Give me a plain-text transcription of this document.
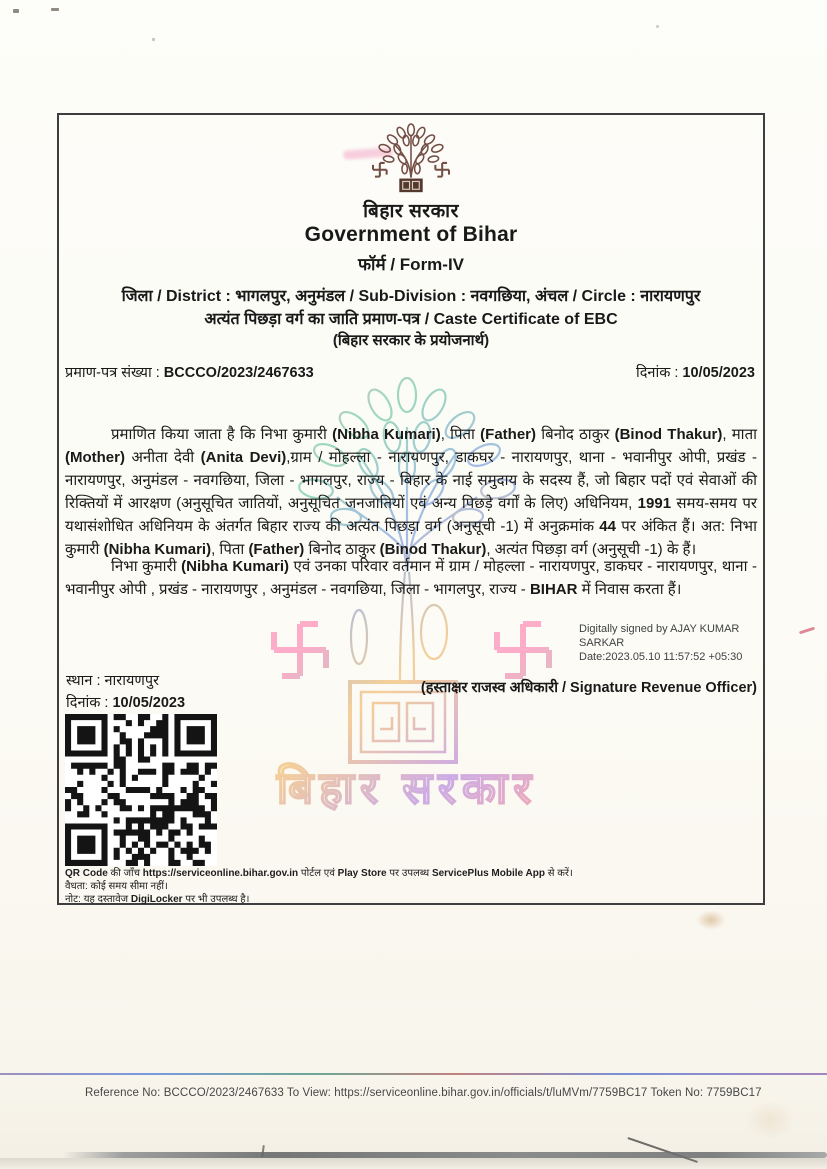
बिहार सरकार
बिहार सरकार
Government of Bihar
फॉर्म / Form-IV
जिला / District : भागलपुर, अनुमंडल / Sub-Division : नवगछिया, अंचल / Circle : नारायणपुर
अत्यंत पिछड़ा वर्ग का जाति प्रमाण-पत्र / Caste Certificate of EBC
(बिहार सरकार के प्रयोजनार्थ)
प्रमाण-पत्र संख्या : BCCCO/2023/2467633	दिनांक : 10/05/2023
प्रमाणित किया जाता है कि निभा कुमारी (Nibha Kumari), पिता (Father) बिनोद ठाकुर (Binod Thakur), माता (Mother) अनीता देवी (Anita Devi),ग्राम / मोहल्ला - नारायणपुर, डाकघर - नारायणपुर, थाना - भवानीपुर ओपी, प्रखंड - नारायणपुर, अनुमंडल - नवगछिया, जिला - भागलपुर, राज्य - बिहार के नाई समुदाय के सदस्य हैं, जो बिहार पदों एवं सेवाओं की रिक्तियों में आरक्षण (अनुसूचित जातियों, अनुसूचित जनजातियों एवं अन्य पिछड़े वर्गों के लिए) अधिनियम, 1991 समय-समय पर यथासंशोधित अधिनियम के अंतर्गत बिहार राज्य की अत्यंत पिछड़ा वर्ग (अनुसूची -1) में अनुक्रमांक 44 पर अंकित हैं। अत: निभा कुमारी (Nibha Kumari), पिता (Father) बिनोद ठाकुर (Binod Thakur), अत्यंत पिछड़ा वर्ग (अनुसूची -1) के हैं।
निभा कुमारी (Nibha Kumari) एवं उनका परिवार वर्तमान में ग्राम / मोहल्ला - नारायणपुर, डाकघर - नारायणपुर, थाना - भवानीपुर ओपी , प्रखंड - नारायणपुर , अनुमंडल - नवगछिया, जिला - भागलपुर, राज्य - BIHAR में निवास करता हैं।
Digitally signed by AJAY KUMAR SARKAR
Date:2023.05.10 11:57:52 +05:30
स्थान : नारायणपुर
दिनांक : 10/05/2023
(हस्ताक्षर राजस्व अधिकारी / Signature Revenue Officer)
QR Code की जाँच https://serviceonline.bihar.gov.in पोर्टल एवं Play Store पर उपलब्ध ServicePlus Mobile App से करें।
वैधता: कोई समय सीमा नहीं।
नोट: यह दस्तावेज DigiLocker पर भी उपलब्ध है।
Reference No: BCCCO/2023/2467633 To View: https://serviceonline.bihar.gov.in/officials/t/luMVm/7759BC17 Token No: 7759BC17
